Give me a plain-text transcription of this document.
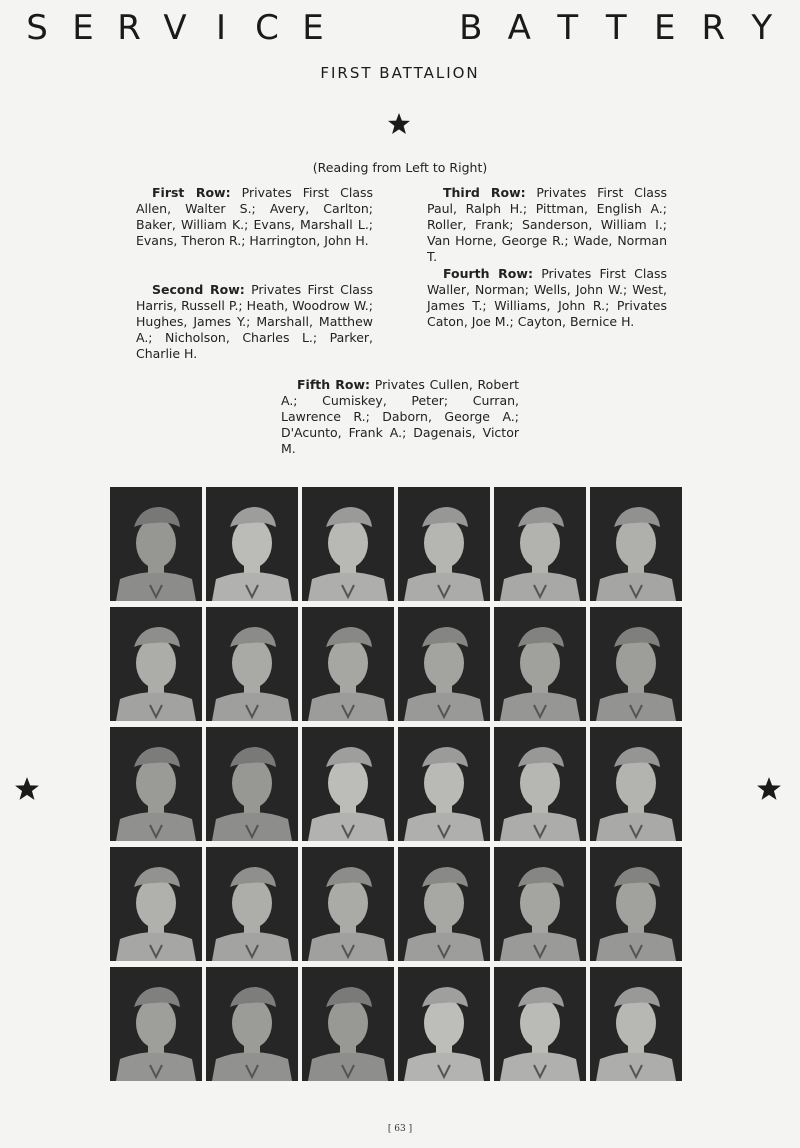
S E R V I C E	B A T T E R Y
FIRST BATTALION
(Reading from Left to Right)
First Row: Privates First Class Allen, Walter S.; Avery, Carlton; Baker, William K.; Evans, Marshall L.; Evans, Theron R.; Harrington, John H.
Second Row: Privates First Class Harris, Russell P.; Heath, Woodrow W.; Hughes, James Y.; Marshall, Matthew A.; Nicholson, Charles L.; Parker, Charlie H.
Third Row: Privates First Class Paul, Ralph H.; Pittman, English A.; Roller, Frank; Sanderson, William I.; Van Horne, George R.; Wade, Norman T.
Fourth Row: Privates First Class Waller, Norman; Wells, John W.; West, James T.; Williams, John R.; Privates Caton, Joe M.; Cayton, Bernice H.
Fifth Row: Privates Cullen, Robert A.; Cumiskey, Peter; Curran, Lawrence R.; Daborn, George A.; D'Acunto, Frank A.; Dagenais, Victor M.
[ 63 ]
